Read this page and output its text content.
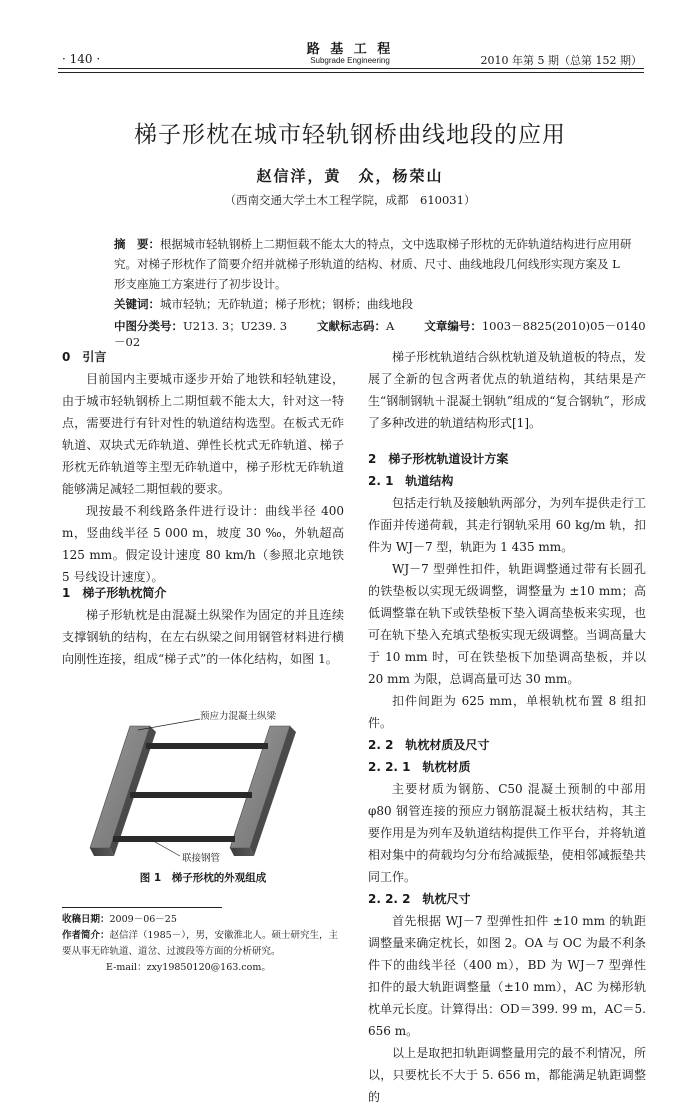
· 140 ·
路 基 工 程
Subgrade Engineering	2010 年第 5 期（总第 152 期）
梯子形枕在城市轻轨钢桥曲线地段的应用
赵信洋，黄　众，杨荣山
（西南交通大学土木工程学院，成都　610031）
摘　要：根据城市轻轨钢桥上二期恒载不能太大的特点，文中选取梯子形枕的无砟轨道结构进行应用研究。对梯子形枕作了简要介绍并就梯子形轨道的结构、材质、尺寸、曲线地段几何线形实现方案及 L 形支座施工方案进行了初步设计。
关键词：城市轻轨；无砟轨道；梯子形枕；钢桥；曲线地段
中图分类号：U213. 3；U239. 3	文献标志码：A	文章编号：1003－8825(2010)05－0140－02
0　引言

目前国内主要城市逐步开始了地铁和轻轨建设，由于城市轻轨钢桥上二期恒载不能太大，针对这一特点，需要进行有针对性的轨道结构选型。在板式无砟轨道、双块式无砟轨道、弹性长枕式无砟轨道、梯子形枕无砟轨道等主型无砟轨道中，梯子形枕无砟轨道能够满足减轻二期恒载的要求。

现按最不利线路条件进行设计：曲线半径 400 m，竖曲线半径 5 000 m，坡度 30 ‰，外轨超高 125 mm。假定设计速度 80 km/h（参照北京地铁 5 号线设计速度）。

1　梯子形轨枕简介

梯子形轨枕是由混凝土纵梁作为固定的并且连续支撑钢轨的结构，在左右纵梁之间用钢管材料进行横向刚性连接，组成“梯子式”的一体化结构，如图 1。

预应力混凝土纵梁
联接钢管
图 1　梯子形枕的外观组成
收稿日期：2009－06－25
作者简介：赵信洋（1985－），男，安徽淮北人。硕士研究生，主要从事无砟轨道、道岔、过渡段等方面的分析研究。
E-mail：zxy19850120@163.com。

梯子形枕轨道结合纵枕轨道及轨道板的特点，发展了全新的包含两者优点的轨道结构，其结果是产生“钢制钢轨＋混凝土钢轨”组成的“复合钢轨”，形成了多种改进的轨道结构形式[1]。

2　梯子形枕轨道设计方案
2. 1　轨道结构

包括走行轨及接触轨两部分，为列车提供走行工作面并传递荷载，其走行钢轨采用 60 kg/m 轨，扣件为 WJ－7 型，轨距为 1 435 mm。

WJ－7 型弹性扣件，轨距调整通过带有长圆孔的铁垫板以实现无级调整，调整量为 ±10 mm；高低调整靠在轨下或铁垫板下垫入调高垫板来实现，也可在轨下垫入充填式垫板实现无级调整。当调高量大于 10 mm 时，可在铁垫板下加垫调高垫板，并以 20 mm 为限，总调高量可达 30 mm。

扣件间距为 625 mm，单根轨枕布置 8 组扣件。

2. 2　轨枕材质及尺寸
2. 2. 1　轨枕材质

主要材质为钢筋、C50 混凝土预制的中部用 φ80 钢管连接的预应力钢筋混凝土板状结构，其主要作用是为列车及轨道结构提供工作平台，并将轨道相对集中的荷载均匀分布给减振垫，使相邻减振垫共同工作。

2. 2. 2　轨枕尺寸

首先根据 WJ－7 型弹性扣件 ±10 mm 的轨距调整量来确定枕长，如图 2。OA 与 OC 为最不利条件下的曲线半径（400 m），BD 为 WJ－7 型弹性扣件的最大轨距调整量（±10 mm），AC 为梯形轨枕单元长度。计算得出：OD＝399. 99 m，AC＝5. 656 m。

以上是取把扣轨距调整量用完的最不利情况，所以，只要枕长不大于 5. 656 m，都能满足轨距调整的
